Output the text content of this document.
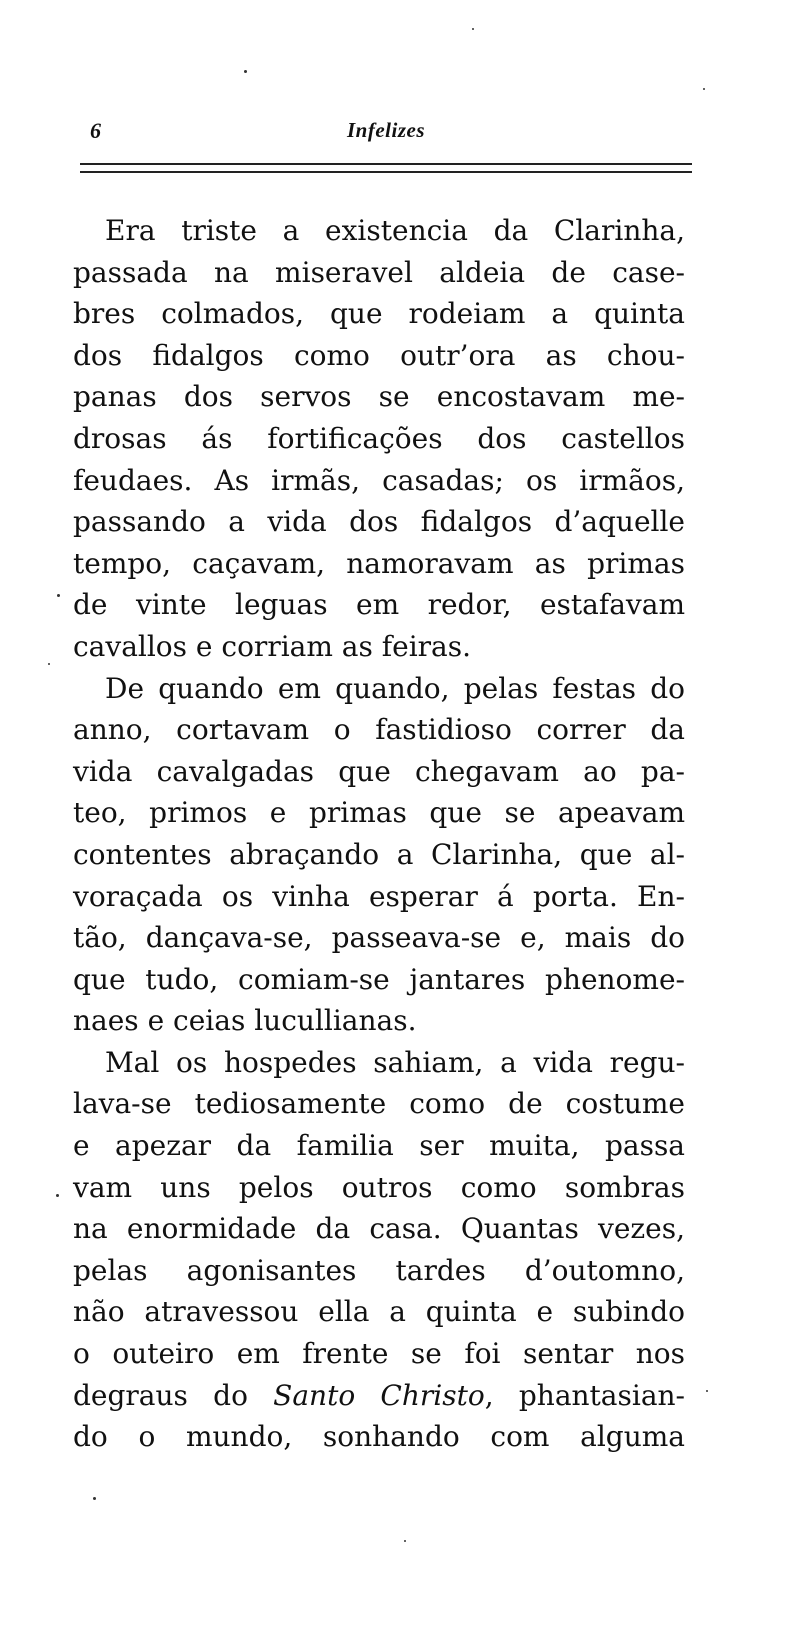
6	Infelizes
Era triste a existencia da Clarinha,
passada na miseravel aldeia de case-
bres colmados, que rodeiam a quinta
dos fidalgos como outr’ora as chou-
panas dos servos se encostavam me-
drosas ás fortificações dos castellos
feudaes. As irmãs, casadas; os irmãos,
passando a vida dos fidalgos d’aquelle
tempo, caçavam, namoravam as primas
de vinte leguas em redor, estafavam
cavallos e corriam as feiras.
De quando em quando, pelas festas do
anno, cortavam o fastidioso correr da
vida cavalgadas que chegavam ao pa-
teo, primos e primas que se apeavam
contentes abraçando a Clarinha, que al-
voraçada os vinha esperar á porta. En-
tão, dançava-se, passeava-se e, mais do
que tudo, comiam-se jantares phenome-
naes e ceias lucullianas.
Mal os hospedes sahiam, a vida regu-
lava-se tediosamente como de costume
e apezar da familia ser muita, passa
vam uns pelos outros como sombras
na enormidade da casa. Quantas vezes,
pelas agonisantes tardes d’outomno,
não atravessou ella a quinta e subindo
o outeiro em frente se foi sentar nos
degraus do Santo Christo, phantasian-
do o mundo, sonhando com alguma
